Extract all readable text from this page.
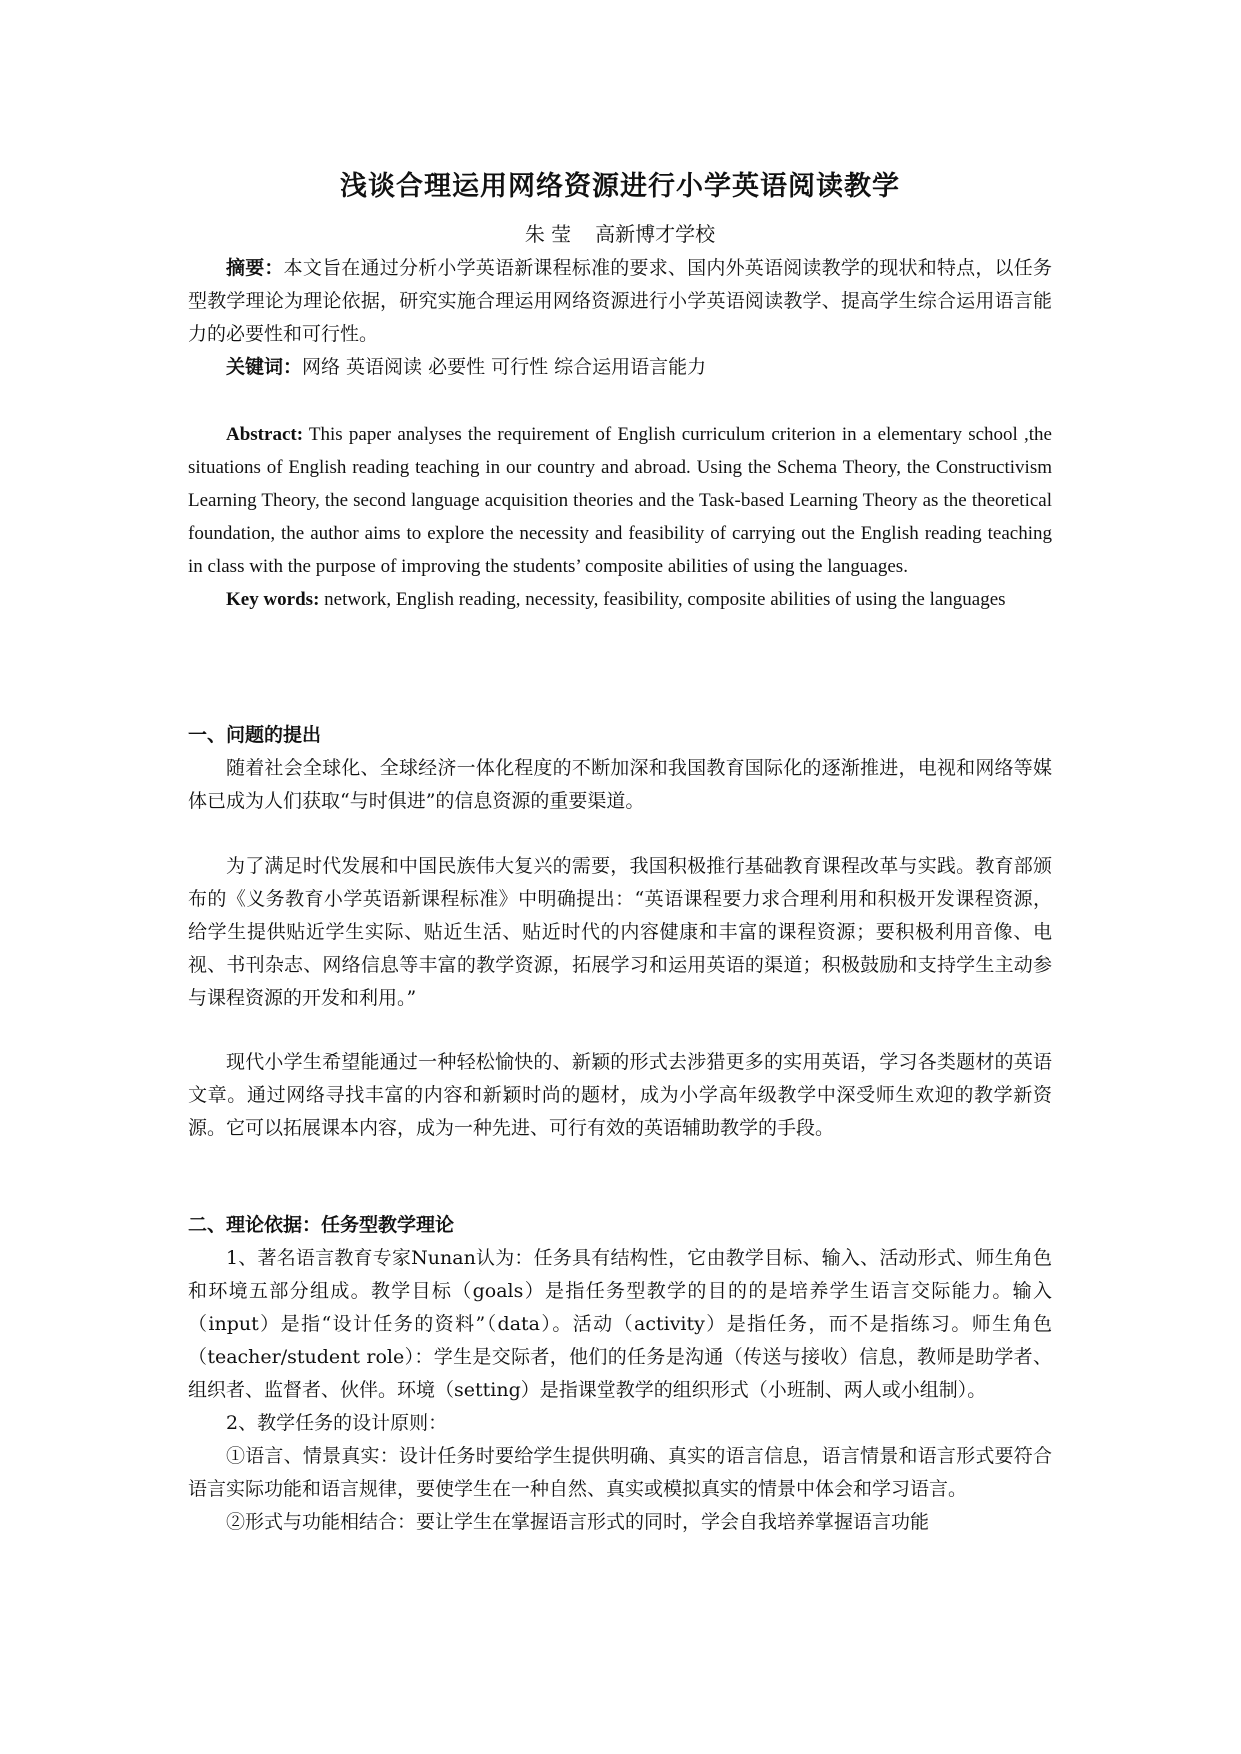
浅谈合理运用网络资源进行小学英语阅读教学

朱 莹 高新博才学校

摘要：本文旨在通过分析小学英语新课程标准的要求、国内外英语阅读教学的现状和特点，以任务型教学理论为理论依据，研究实施合理运用网络资源进行小学英语阅读教学、提高学生综合运用语言能力的必要性和可行性。

关键词：网络 英语阅读 必要性 可行性 综合运用语言能力

Abstract: This paper analyses the requirement of English curriculum criterion in a elementary school ,the situations of English reading teaching in our country and abroad. Using the Schema Theory, the Constructivism Learning Theory, the second language acquisition theories and the Task-based Learning Theory as the theoretical foundation, the author aims to explore the necessity and feasibility of carrying out the English reading teaching in class with the purpose of improving the students’ composite abilities of using the languages.

Key words: network, English reading, necessity, feasibility, composite abilities of using the languages

一、问题的提出

随着社会全球化、全球经济一体化程度的不断加深和我国教育国际化的逐渐推进，电视和网络等媒体已成为人们获取“与时俱进”的信息资源的重要渠道。

为了满足时代发展和中国民族伟大复兴的需要，我国积极推行基础教育课程改革与实践。教育部颁布的《义务教育小学英语新课程标准》中明确提出：“英语课程要力求合理利用和积极开发课程资源，给学生提供贴近学生实际、贴近生活、贴近时代的内容健康和丰富的课程资源；要积极利用音像、电视、书刊杂志、网络信息等丰富的教学资源，拓展学习和运用英语的渠道；积极鼓励和支持学生主动参与课程资源的开发和利用。”

现代小学生希望能通过一种轻松愉快的、新颖的形式去涉猎更多的实用英语，学习各类题材的英语文章。通过网络寻找丰富的内容和新颖时尚的题材，成为小学高年级教学中深受师生欢迎的教学新资源。它可以拓展课本内容，成为一种先进、可行有效的英语辅助教学的手段。

二、理论依据：任务型教学理论

1、著名语言教育专家Nunan认为：任务具有结构性，它由教学目标、输入、活动形式、师生角色和环境五部分组成。教学目标（goals）是指任务型教学的目的的是培养学生语言交际能力。输入（input）是指“设计任务的资料”（data）。活动（activity）是指任务，而不是指练习。师生角色（teacher/student role）：学生是交际者，他们的任务是沟通（传送与接收）信息，教师是助学者、组织者、监督者、伙伴。环境（setting）是指课堂教学的组织形式（小班制、两人或小组制）。

2、教学任务的设计原则：

①语言、情景真实：设计任务时要给学生提供明确、真实的语言信息，语言情景和语言形式要符合语言实际功能和语言规律，要使学生在一种自然、真实或模拟真实的情景中体会和学习语言。

②形式与功能相结合：要让学生在掌握语言形式的同时，学会自我培养掌握语言功能
